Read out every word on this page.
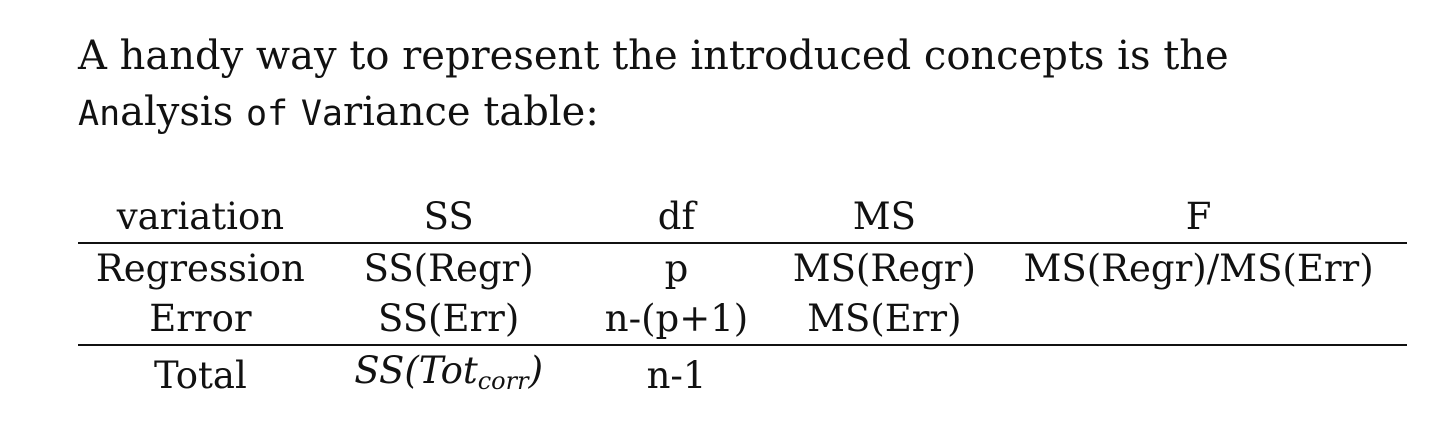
A handy way to represent the introduced concepts is the
Analysis of Variance table:

variation	SS	df	MS	F
Regression	SS(Regr)	p	MS(Regr)	MS(Regr)/MS(Err)
Error	SS(Err)	n-(p+1)	MS(Err)	
Total	SS(Tot$_{corr}$)	n-1		
